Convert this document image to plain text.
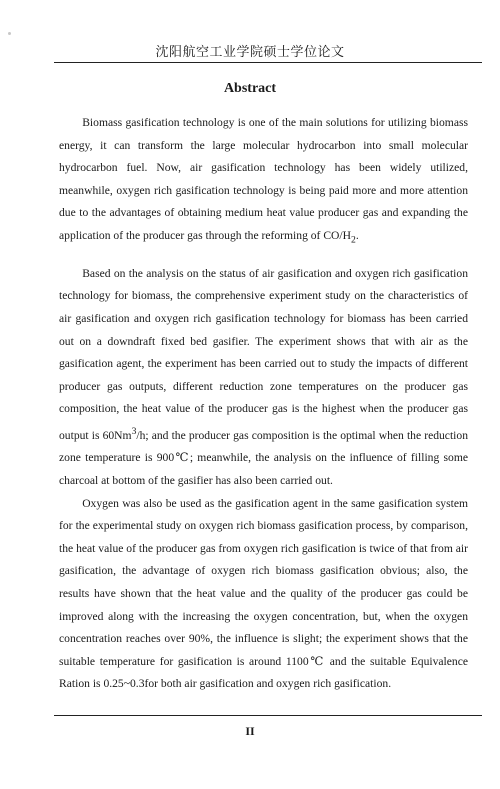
沈阳航空工业学院硕士学位论文
Abstract

Biomass gasification technology is one of the main solutions for utilizing biomass energy, it can transform the large molecular hydrocarbon into small molecular hydrocarbon fuel. Now, air gasification technology has been widely utilized, meanwhile, oxygen rich gasification technology is being paid more and more attention due to the advantages of obtaining medium heat value producer gas and expanding the application of the producer gas through the reforming of $CO/H_2$.

Based on the analysis on the status of air gasification and oxygen rich gasification technology for biomass, the comprehensive experiment study on the characteristics of air gasification and oxygen rich gasification technology for biomass has been carried out on a downdraft fixed bed gasifier. The experiment shows that with air as the gasification agent, the experiment has been carried out to study the impacts of different producer gas outputs, different reduction zone temperatures on the producer gas composition, the heat value of the producer gas is the highest when the producer gas output is 60Nm$^3$/h; and the producer gas composition is the optimal when the reduction zone temperature is 900℃; meanwhile, the analysis on the influence of filling some charcoal at bottom of the gasifier has also been carried out.

Oxygen was also be used as the gasification agent in the same gasification system for the experimental study on oxygen rich biomass gasification process, by comparison, the heat value of the producer gas from oxygen rich gasification is twice of that from air gasification, the advantage of oxygen rich biomass gasification obvious; also, the results have shown that the heat value and the quality of the producer gas could be improved along with the increasing the oxygen concentration, but, when the oxygen concentration reaches over 90%, the influence is slight; the experiment shows that the suitable temperature for gasification is around 1100℃ and the suitable Equivalence Ration is 0.25~0.3for both air gasification and oxygen rich gasification.

II
